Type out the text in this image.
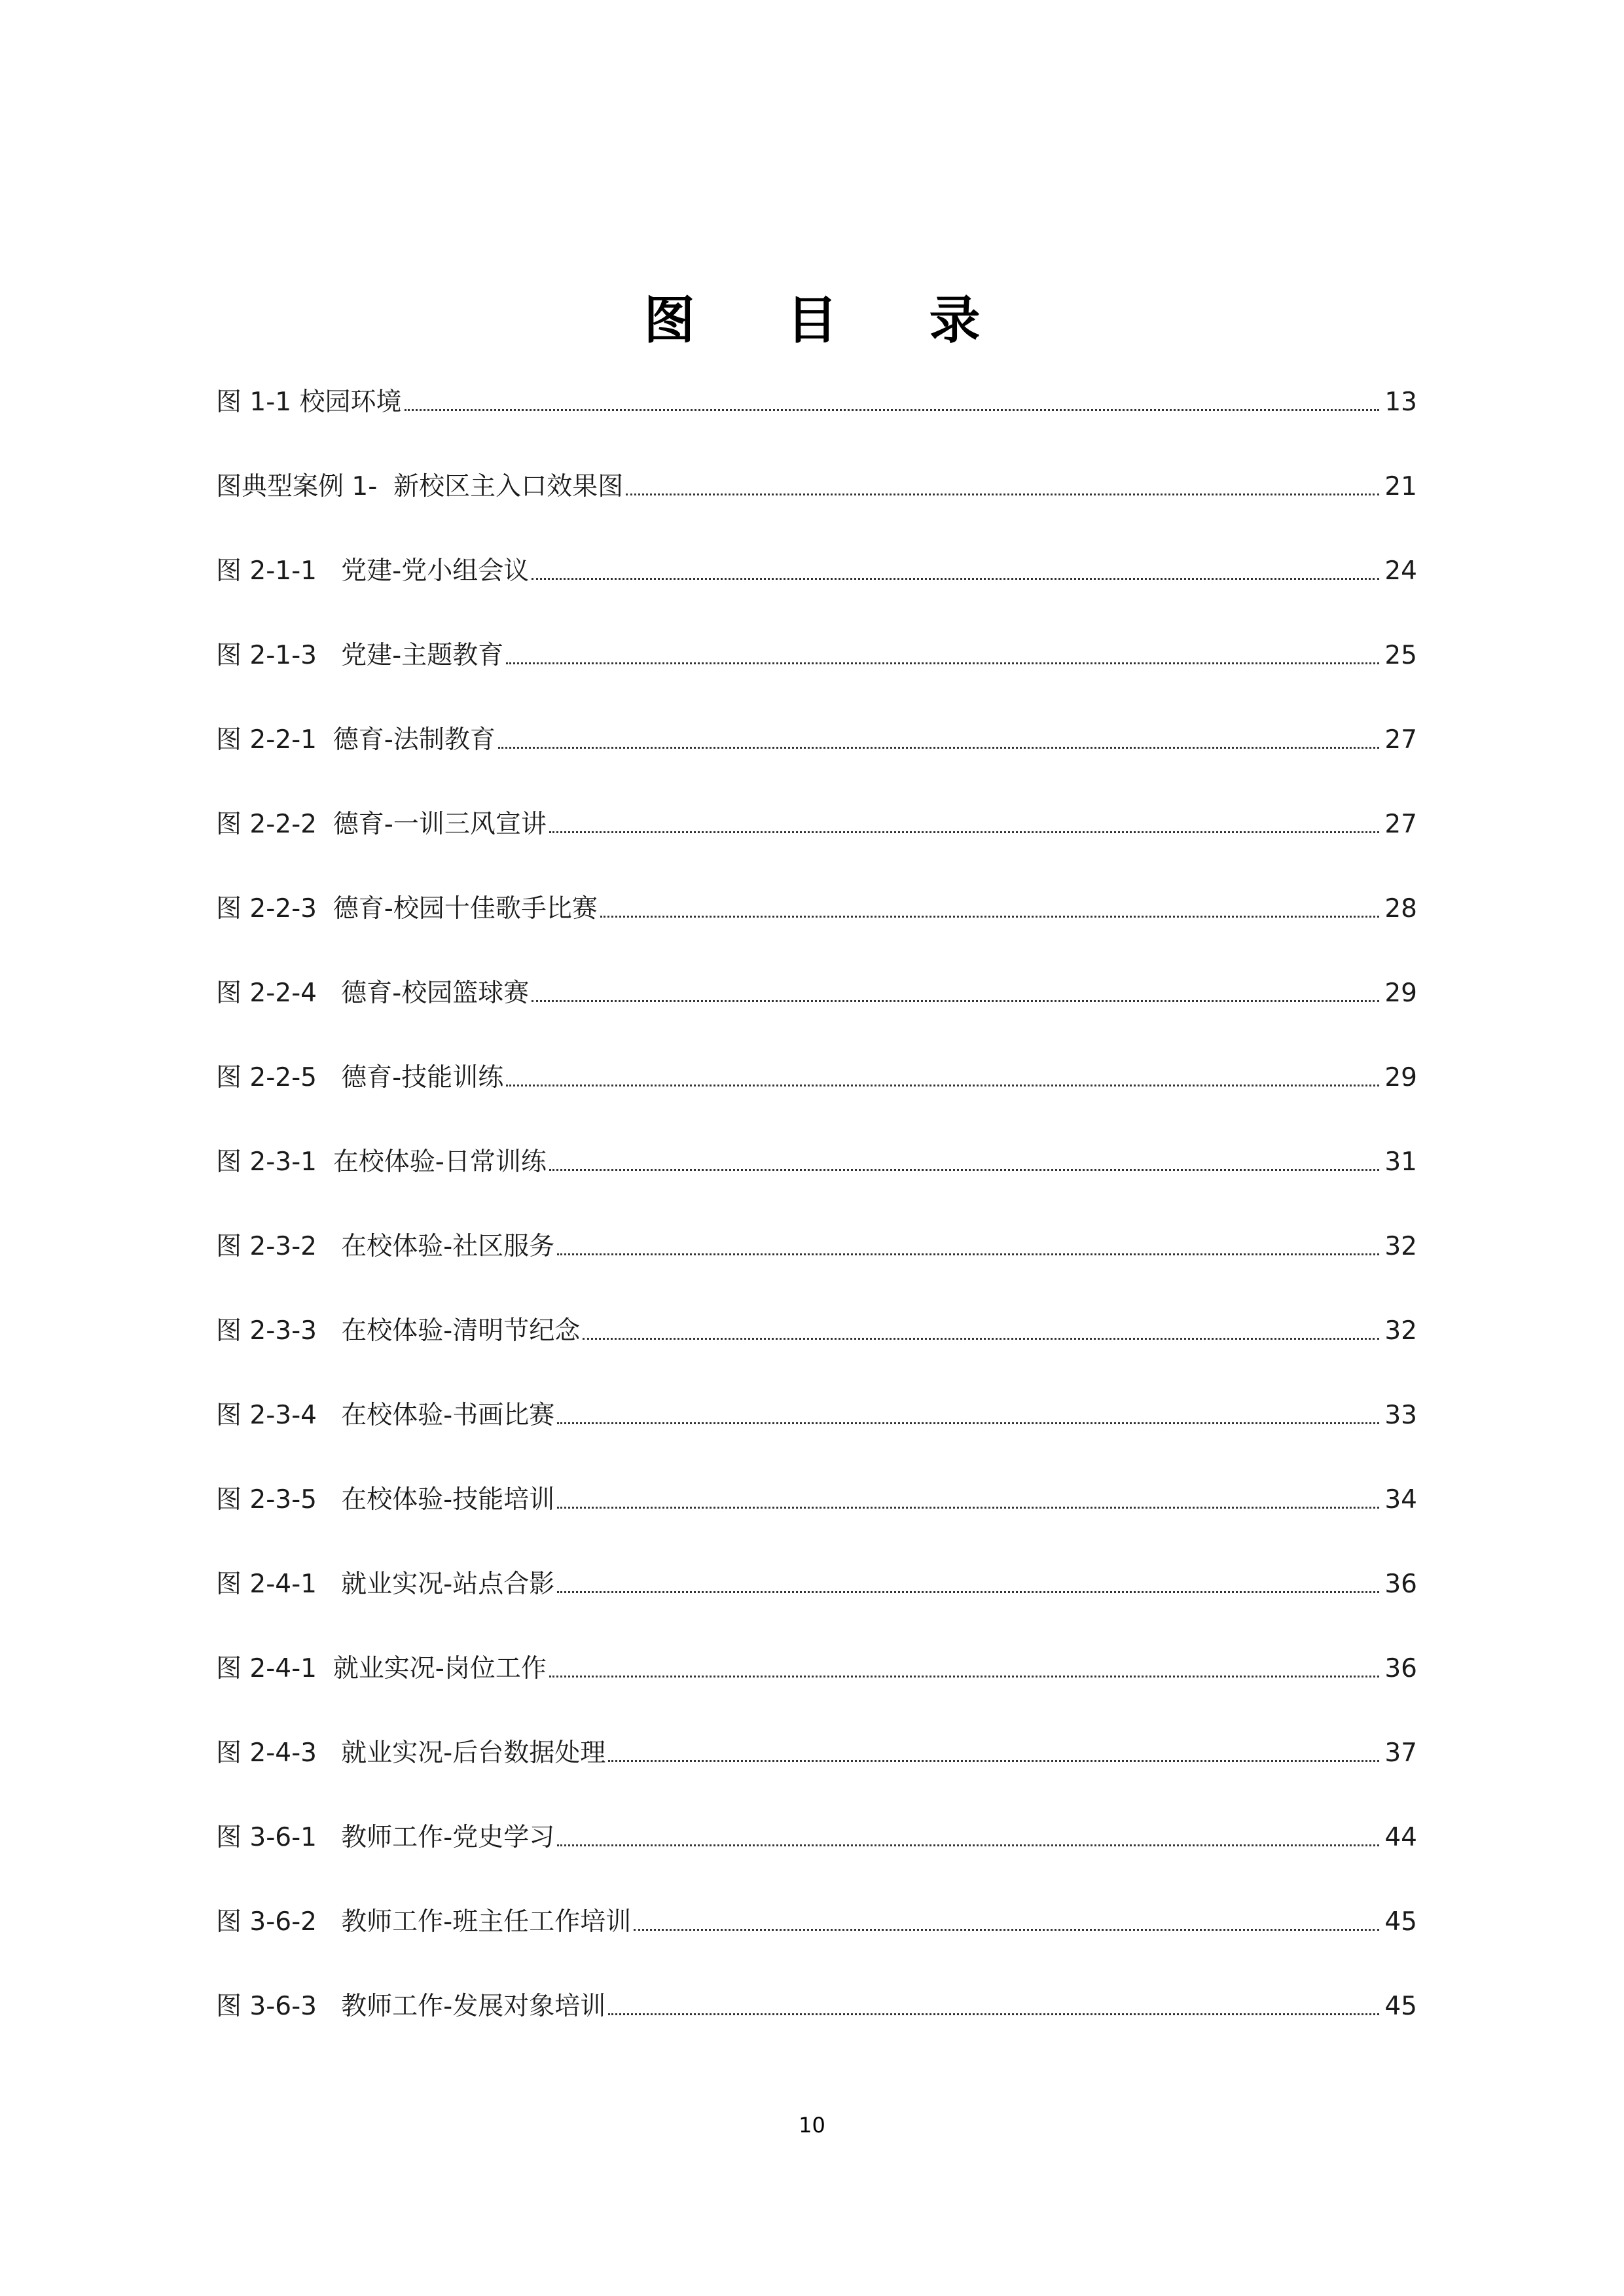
图目录
图 1-1 校园环境	13
图典型案例 1-  新校区主入口效果图	21
图 2-1-1   党建-党小组会议	24
图 2-1-3   党建-主题教育	25
图 2-2-1  德育-法制教育	27
图 2-2-2  德育-一训三风宣讲	27
图 2-2-3  德育-校园十佳歌手比赛	28
图 2-2-4   德育-校园篮球赛	29
图 2-2-5   德育-技能训练	29
图 2-3-1  在校体验-日常训练	31
图 2-3-2   在校体验-社区服务	32
图 2-3-3   在校体验-清明节纪念	32
图 2-3-4   在校体验-书画比赛	33
图 2-3-5   在校体验-技能培训	34
图 2-4-1   就业实况-站点合影	36
图 2-4-1  就业实况-岗位工作	36
图 2-4-3   就业实况-后台数据处理	37
图 3-6-1   教师工作-党史学习	44
图 3-6-2   教师工作-班主任工作培训	45
图 3-6-3   教师工作-发展对象培训	45
10
